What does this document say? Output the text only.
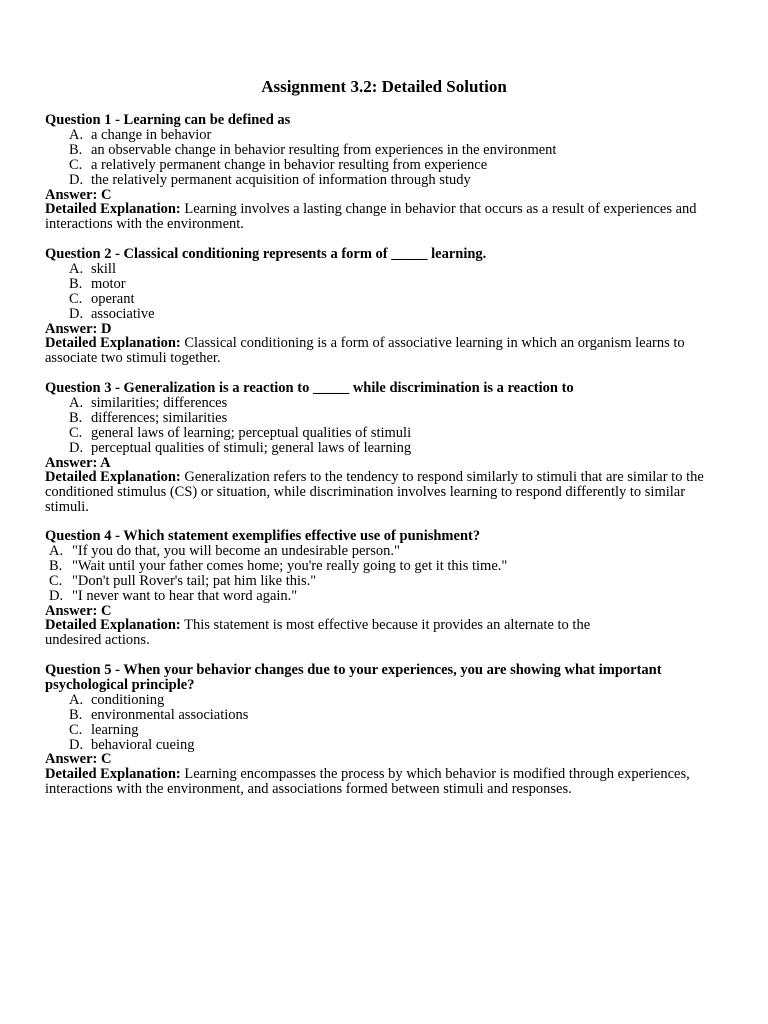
Assignment 3.2: Detailed Solution
Question 1 - Learning can be defined as
A. a change in behavior
B. an observable change in behavior resulting from experiences in the environment
C. a relatively permanent change in behavior resulting from experience
D. the relatively permanent acquisition of information through study
Answer: C
Detailed Explanation: Learning involves a lasting change in behavior that occurs as a result of experiences and interactions with the environment.
Question 2 - Classical conditioning represents a form of _____ learning.
A. skill
B. motor
C. operant
D. associative
Answer: D
Detailed Explanation: Classical conditioning is a form of associative learning in which an organism learns to associate two stimuli together.
Question 3 - Generalization is a reaction to _____ while discrimination is a reaction to
A. similarities; differences
B. differences; similarities
C. general laws of learning; perceptual qualities of stimuli
D. perceptual qualities of stimuli; general laws of learning
Answer: A
Detailed Explanation: Generalization refers to the tendency to respond similarly to stimuli that are similar to the conditioned stimulus (CS) or situation, while discrimination involves learning to respond differently to similar stimuli.
Question 4 - Which statement exemplifies effective use of punishment?
A. "If you do that, you will become an undesirable person."
B. "Wait until your father comes home; you're really going to get it this time."
C. "Don't pull Rover's tail; pat him like this."
D. "I never want to hear that word again."
Answer: C
Detailed Explanation: This statement is most effective because it provides an alternate to the
undesired actions.
Question 5 - When your behavior changes due to your experiences, you are showing what important psychological principle?
A. conditioning
B. environmental associations
C. learning
D. behavioral cueing
Answer: C
Detailed Explanation: Learning encompasses the process by which behavior is modified through experiences, interactions with the environment, and associations formed between stimuli and responses.
